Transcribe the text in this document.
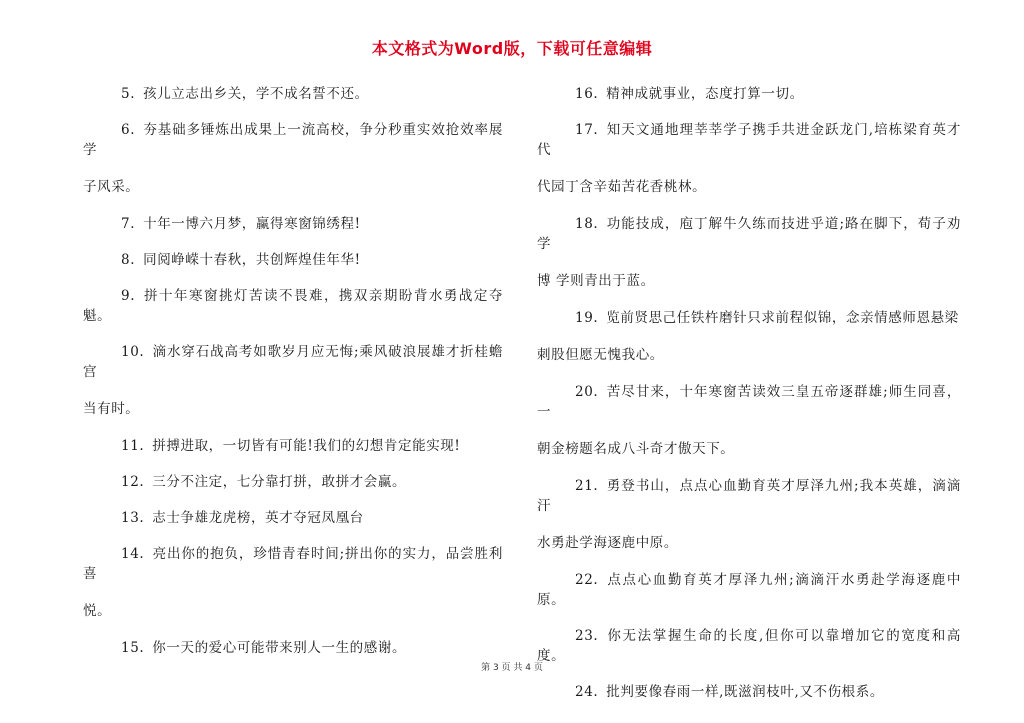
本文格式为Word版，下载可任意编辑

5. 孩儿立志出乡关，学不成名誓不还。

6. 夯基础多锤炼出成果上一流高校，争分秒重实效抢效率展学
子风采。

7. 十年一博六月梦，赢得寒窗锦绣程!

8. 同阅峥嵘十春秋，共创辉煌佳年华!

9. 拼十年寒窗挑灯苦读不畏难，携双亲期盼背水勇战定夺魁。

10. 滴水穿石战高考如歌岁月应无悔;乘风破浪展雄才折桂蟾宫
当有时。

11. 拼搏进取，一切皆有可能!我们的幻想肯定能实现!

12. 三分不注定，七分靠打拼，敢拼才会赢。

13. 志士争雄龙虎榜，英才夺冠凤凰台

14. 亮出你的抱负，珍惜青春时间;拼出你的实力，品尝胜利喜
悦。

15. 你一天的爱心可能带来别人一生的感谢。

16. 精神成就事业，态度打算一切。

17. 知天文通地理莘莘学子携手共进金跃龙门,培栋梁育英才代
代园丁含辛茹苦花香桃林。

18. 功能技成，庖丁解牛久练而技进乎道;路在脚下，荀子劝学
博 学则青出于蓝。

19. 览前贤思己任铁杵磨针只求前程似锦，念亲情感师恩悬梁
刺股但愿无愧我心。

20. 苦尽甘来，十年寒窗苦读效三皇五帝逐群雄;师生同喜，一
朝金榜题名成八斗奇才傲天下。

21. 勇登书山，点点心血勤育英才厚泽九州;我本英雄，滴滴汗
水勇赴学海逐鹿中原。

22. 点点心血勤育英才厚泽九州;滴滴汗水勇赴学海逐鹿中原。

23. 你无法掌握生命的长度,但你可以靠增加它的宽度和高度。

24. 批判要像春雨一样,既滋润枝叶,又不伤根系。

第 3 页 共 4 页
